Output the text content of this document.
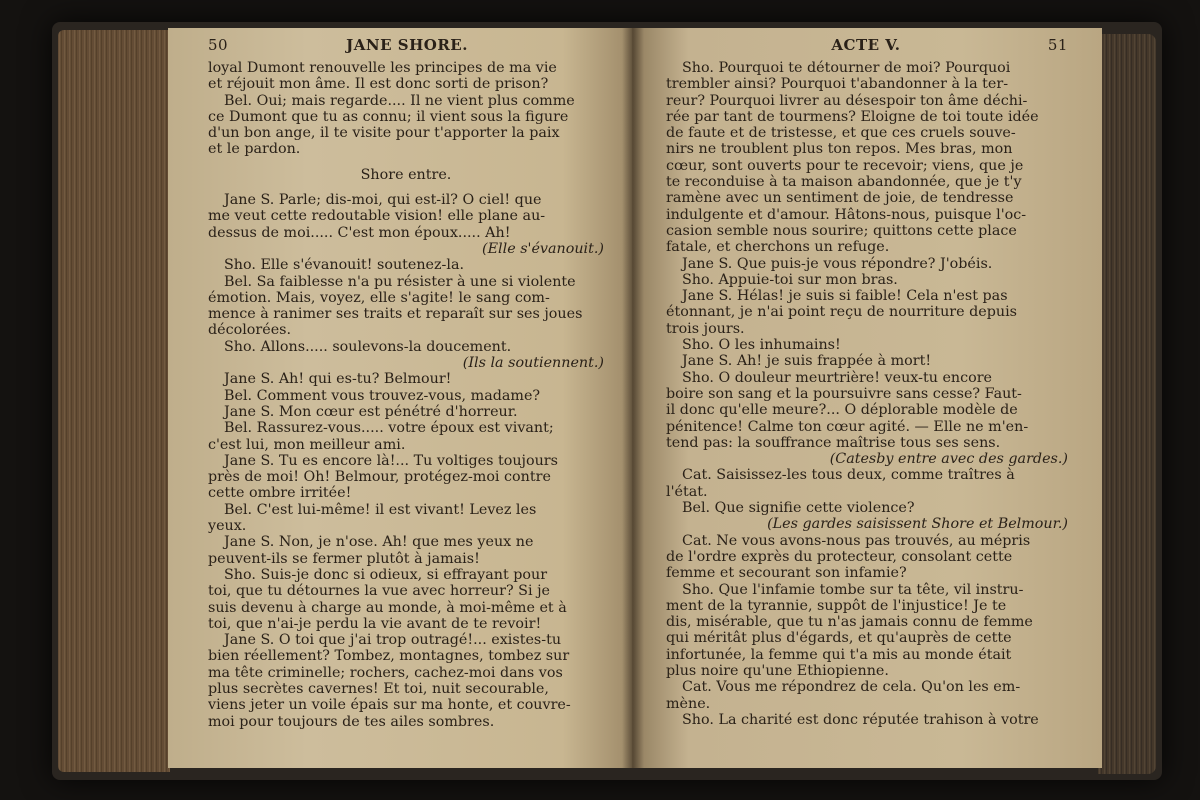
50	JANE SHORE.
loyal Dumont renouvelle les principes de ma vie
et réjouit mon âme. Il est donc sorti de prison?
Bel. Oui; mais regarde.... Il ne vient plus comme
ce Dumont que tu as connu; il vient sous la figure
d'un bon ange, il te visite pour t'apporter la paix
et le pardon.
Shore entre.
Jane S. Parle; dis-moi, qui est-il? O ciel! que
me veut cette redoutable vision! elle plane au-
dessus de moi..... C'est mon époux..... Ah!
(Elle s'évanouit.)
Sho. Elle s'évanouit! soutenez-la.
Bel. Sa faiblesse n'a pu résister à une si violente
émotion. Mais, voyez, elle s'agite! le sang com-
mence à ranimer ses traits et reparaît sur ses joues
décolorées.
Sho. Allons..... soulevons-la doucement.
(Ils la soutiennent.)
Jane S. Ah! qui es-tu? Belmour!
Bel. Comment vous trouvez-vous, madame?
Jane S. Mon cœur est pénétré d'horreur.
Bel. Rassurez-vous..... votre époux est vivant;
c'est lui, mon meilleur ami.
Jane S. Tu es encore là!... Tu voltiges toujours
près de moi! Oh! Belmour, protégez-moi contre
cette ombre irritée!
Bel. C'est lui-même! il est vivant! Levez les
yeux.
Jane S. Non, je n'ose. Ah! que mes yeux ne
peuvent-ils se fermer plutôt à jamais!
Sho. Suis-je donc si odieux, si effrayant pour
toi, que tu détournes la vue avec horreur? Si je
suis devenu à charge au monde, à moi-même et à
toi, que n'ai-je perdu la vie avant de te revoir!
Jane S. O toi que j'ai trop outragé!... existes-tu
bien réellement? Tombez, montagnes, tombez sur
ma tête criminelle; rochers, cachez-moi dans vos
plus secrètes cavernes! Et toi, nuit secourable,
viens jeter un voile épais sur ma honte, et couvre-
moi pour toujours de tes ailes sombres.
ACTE V.	51
Sho. Pourquoi te détourner de moi? Pourquoi
trembler ainsi? Pourquoi t'abandonner à la ter-
reur? Pourquoi livrer au désespoir ton âme déchi-
rée par tant de tourmens? Eloigne de toi toute idée
de faute et de tristesse, et que ces cruels souve-
nirs ne troublent plus ton repos. Mes bras, mon
cœur, sont ouverts pour te recevoir; viens, que je
te reconduise à ta maison abandonnée, que je t'y
ramène avec un sentiment de joie, de tendresse
indulgente et d'amour. Hâtons-nous, puisque l'oc-
casion semble nous sourire; quittons cette place
fatale, et cherchons un refuge.
Jane S. Que puis-je vous répondre? J'obéis.
Sho. Appuie-toi sur mon bras.
Jane S. Hélas! je suis si faible! Cela n'est pas
étonnant, je n'ai point reçu de nourriture depuis
trois jours.
Sho. O les inhumains!
Jane S. Ah! je suis frappée à mort!
Sho. O douleur meurtrière! veux-tu encore
boire son sang et la poursuivre sans cesse? Faut-
il donc qu'elle meure?... O déplorable modèle de
pénitence! Calme ton cœur agité. — Elle ne m'en-
tend pas: la souffrance maîtrise tous ses sens.
(Catesby entre avec des gardes.)
Cat. Saisissez-les tous deux, comme traîtres à
l'état.
Bel. Que signifie cette violence?
(Les gardes saisissent Shore et Belmour.)
Cat. Ne vous avons-nous pas trouvés, au mépris
de l'ordre exprès du protecteur, consolant cette
femme et secourant son infamie?
Sho. Que l'infamie tombe sur ta tête, vil instru-
ment de la tyrannie, suppôt de l'injustice! Je te
dis, misérable, que tu n'as jamais connu de femme
qui méritât plus d'égards, et qu'auprès de cette
infortunée, la femme qui t'a mis au monde était
plus noire qu'une Ethiopienne.
Cat. Vous me répondrez de cela. Qu'on les em-
mène.
Sho. La charité est donc réputée trahison à votre
